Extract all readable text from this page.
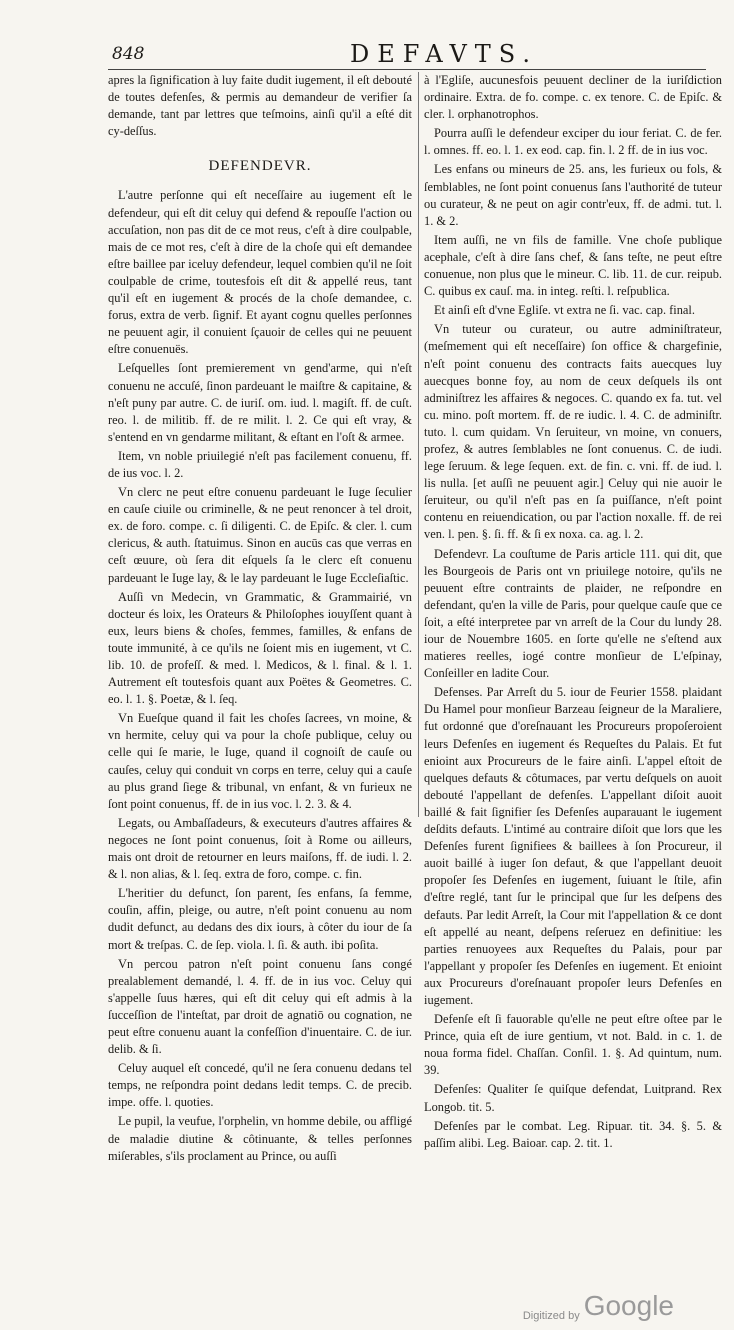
848	DEFAVTS.

apres la ſignification à luy faite dudit iugement, il eſt debouté de toutes defenſes, & permis au demandeur de verifier ſa demande, tant par lettres que teſmoins, ainſi qu'il a eſté dit cy-deſſus.

DEFENDEVR.

L'autre perſonne qui eſt neceſſaire au iugement eſt le defendeur, qui eſt dit celuy qui defend & repouſſe l'action ou accuſation, non pas dit de ce mot reus, c'eſt à dire coulpable, mais de ce mot res, c'eſt à dire de la choſe qui eſt demandee eſtre baillee par iceluy defendeur, lequel combien qu'il ne ſoit coulpable de crime, toutesfois eſt dit & appellé reus, tant qu'il eſt en iugement & procés de la choſe demandee, c. forus, extra de verb. ſignif. Et ayant cognu quelles perſonnes ne peuuent agir, il conuient ſçauoir de celles qui ne peuuent eſtre conuenuës.

Leſquelles ſont premierement vn gend'arme, qui n'eſt conuenu ne accuſé, ſinon pardeuant le maiſtre & capitaine, & n'eſt puny par autre. C. de iuriſ. om. iud. l. magiſt. ff. de cuſt. reo. l. de militib. ff. de re milit. l. 2. Ce qui eſt vray, & s'entend en vn gendarme militant, & eſtant en l'oſt & armee.

Item, vn noble priuilegié n'eſt pas facilement conuenu, ff. de ius voc. l. 2.

Vn clerc ne peut eſtre conuenu pardeuant le Iuge ſeculier en cauſe ciuile ou criminelle, & ne peut renoncer à tel droit, ex. de foro. compe. c. ſi diligenti. C. de Epiſc. & cler. l. cum clericus, & auth. ſtatuimus. Sinon en aucūs cas que verras en ceſt œuure, où ſera dit eſquels ſa le clerc eſt conuenu pardeuant le Iuge lay, & le lay pardeuant le Iuge Eccleſiaſtic.

Auſſi vn Medecin, vn Grammatic, & Grammairié, vn docteur és loix, les Orateurs & Philoſophes iouyſſent quant à eux, leurs biens & choſes, femmes, familles, & enfans de toute immunité, à ce qu'ils ne ſoient mis en iugement, vt C. lib. 10. de profeſſ. & med. l. Medicos, & l. final. & l. 1. Autrement eſt toutesfois quant aux Poëtes & Geometres. C. eo. l. 1. §. Poetæ, & l. ſeq.

Vn Eueſque quand il fait les choſes ſacrees, vn moine, & vn hermite, celuy qui va pour la choſe publique, celuy ou celle qui ſe marie, le Iuge, quand il cognoiſt de cauſe ou cauſes, celuy qui conduit vn corps en terre, celuy qui a cauſe au plus grand ſiege & tribunal, vn enfant, & vn furieux ne ſont point conuenus, ff. de in ius voc. l. 2. 3. & 4.

Legats, ou Ambaſſadeurs, & executeurs d'autres affaires & negoces ne ſont point conuenus, ſoit à Rome ou ailleurs, mais ont droit de retourner en leurs maiſons, ff. de iudi. l. 2. & l. non alias, & l. ſeq. extra de foro, compe. c. fin.

L'heritier du defunct, ſon parent, ſes enfans, ſa femme, couſin, affin, pleige, ou autre, n'eſt point conuenu au nom dudit defunct, au dedans des dix iours, à côter du iour de ſa mort & treſpas. C. de ſep. viola. l. ſi. & auth. ibi poſita.

Vn percou patron n'eſt point conuenu ſans congé prealablement demandé, l. 4. ff. de in ius voc. Celuy qui s'appelle ſuus hæres, qui eſt dit celuy qui eſt admis à la ſucceſſion de l'inteſtat, par droit de agnatiō ou cognation, ne peut eſtre conuenu auant la confeſſion d'inuentaire. C. de iur. delib. & ſi.

Celuy auquel eſt concedé, qu'il ne ſera conuenu dedans tel temps, ne reſpondra point dedans ledit temps. C. de precib. impe. offe. l. quoties.

Le pupil, la veufue, l'orphelin, vn homme debile, ou affligé de maladie diutine & côtinuante, & telles perſonnes miſerables, s'ils proclament au Prince, ou auſſi

à l'Egliſe, aucunesfois peuuent decliner de la iuriſdiction ordinaire. Extra. de fo. compe. c. ex tenore. C. de Epiſc. & cler. l. orphanotrophos.

Pourra auſſi le defendeur exciper du iour feriat. C. de fer. l. omnes. ff. eo. l. 1. ex eod. cap. fin. l. 2 ff. de in ius voc.

Les enfans ou mineurs de 25. ans, les furieux ou fols, & ſemblables, ne ſont point conuenus ſans l'authorité de tuteur ou curateur, & ne peut on agir contr'eux, ff. de admi. tut. l. 1. & 2.

Item auſſi, ne vn fils de famille. Vne choſe publique acephale, c'eſt à dire ſans chef, & ſans teſte, ne peut eſtre conuenue, non plus que le mineur. C. lib. 11. de cur. reipub. C. quibus ex cauſ. ma. in integ. reſti. l. reſpublica.

Et ainſi eſt d'vne Egliſe. vt extra ne ſi. vac. cap. final.

Vn tuteur ou curateur, ou autre adminiſtrateur, (meſmement qui eſt neceſſaire) ſon office & chargefinie, n'eſt point conuenu des contracts faits auecques luy auecques bonne foy, au nom de ceux deſquels ils ont adminiſtrez les affaires & negoces. C. quando ex fa. tut. vel cu. mino. poſt mortem. ff. de re iudic. l. 4. C. de adminiſtr. tuto. l. cum quidam. Vn ſeruiteur, vn moine, vn conuers, profez, & autres ſemblables ne ſont conuenus. C. de iudi. lege ſeruum. & lege ſequen. ext. de fin. c. vni. ff. de iud. l. lis nulla. [et auſſi ne peuuent agir.] Celuy qui nie auoir le ſeruiteur, ou qu'il n'eſt pas en ſa puiſſance, n'eſt point contenu en reiuendication, ou par l'action noxalle. ff. de rei ven. l. pen. §. ſi. ff. & ſi ex noxa. ca. ag. l. 2.

Defendevr. La couſtume de Paris article 111. qui dit, que les Bourgeois de Paris ont vn priuilege notoire, qu'ils ne peuuent eſtre contraints de plaider, ne reſpondre en defendant, qu'en la ville de Paris, pour quelque cauſe que ce ſoit, a eſté interpretee par vn arreſt de la Cour du lundy 28. iour de Nouembre 1605. en ſorte qu'elle ne s'eſtend aux matieres reelles, iogé contre monſieur de L'eſpinay, Conſeiller en ladite Cour.

Defenses. Par Arreſt du 5. iour de Feurier 1558. plaidant Du Hamel pour monſieur Barzeau ſeigneur de la Maraliere, fut ordonné que d'oreſnauant les Procureurs propoſeroient leurs Defenſes en iugement és Requeſtes du Palais. Et fut enioint aux Procureurs de le faire ainſi. L'appel eſtoit de quelques defauts & côtumaces, par vertu deſquels on auoit debouté l'appellant de defenſes. L'appellant diſoit auoit baillé & fait ſignifier ſes Defenſes auparauant le iugement deſdits defauts. L'intimé au contraire diſoit que lors que les Defenſes furent ſignifiees & baillees à ſon Procureur, il auoit baillé à iuger ſon defaut, & que l'appellant deuoit propoſer ſes Defenſes en iugement, ſuiuant le ſtile, afin d'eſtre reglé, tant ſur le principal que ſur les deſpens des defauts. Par ledit Arreſt, la Cour mit l'appellation & ce dont eſt appellé au neant, deſpens reſeruez en definitiue: les parties renuoyees aux Requeſtes du Palais, pour par l'appellant y propoſer ſes Defenſes en iugement. Et enioint aux Procureurs d'oreſnauant propoſer leurs Defenſes en iugement.

Defenſe eſt ſi fauorable qu'elle ne peut eſtre oſtee par le Prince, quia eſt de iure gentium, vt not. Bald. in c. 1. de noua forma fidel. Chaſſan. Conſil. 1. §. Ad quintum, num. 39.

Defenſes: Qualiter ſe quiſque defendat, Luitprand. Rex Longob. tit. 5.

Defenſes par le combat. Leg. Ripuar. tit. 34. §. 5. & paſſim alibi. Leg. Baioar. cap. 2. tit. 1.

Digitized by Google
